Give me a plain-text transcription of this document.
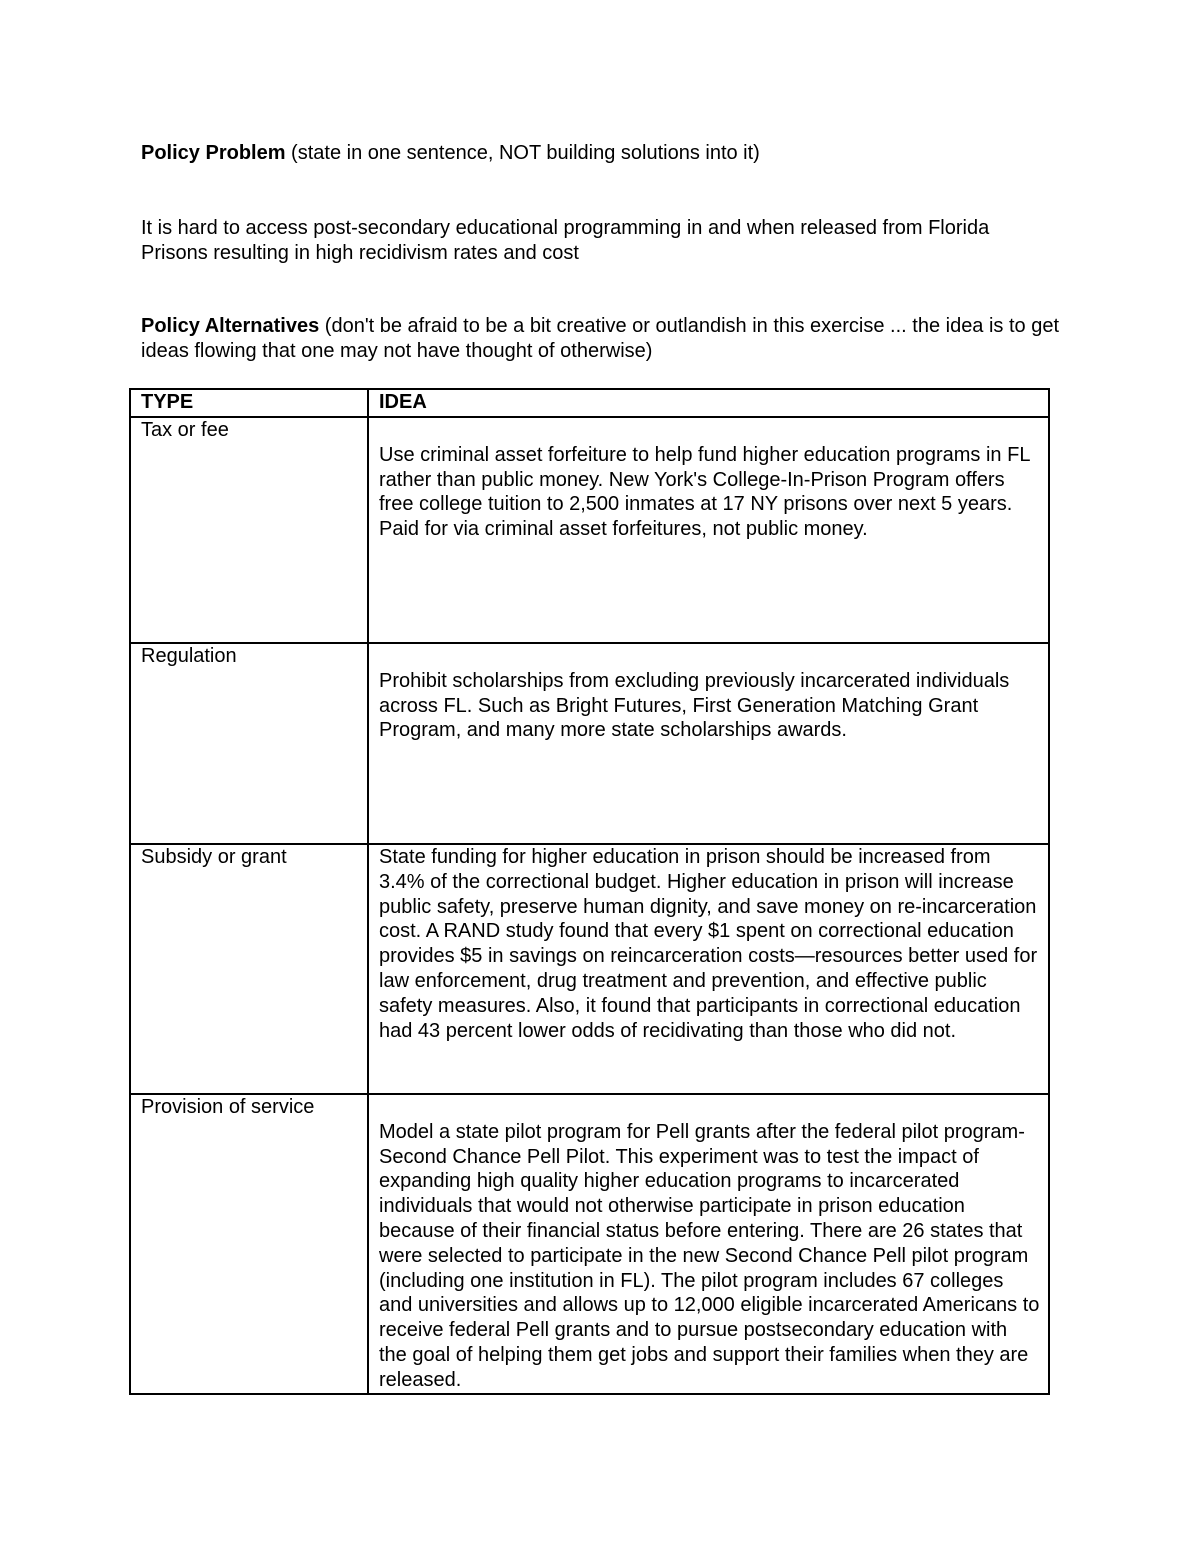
Policy Problem (state in one sentence, NOT building solutions into it)
It is hard to access post-secondary educational programming in and when released from Florida Prisons resulting in high recidivism rates and cost
Policy Alternatives (don't be afraid to be a bit creative or outlandish in this exercise ... the idea is to get ideas flowing that one may not have thought of otherwise)
TYPE	IDEA
Tax or fee	Use criminal asset forfeiture to help fund higher education programs in FL rather than public money. New York's College-In-Prison Program offers free college tuition to 2,500 inmates at 17 NY prisons over next 5 years. Paid for via criminal asset forfeitures, not public money.
Regulation	Prohibit scholarships from excluding previously incarcerated individuals across FL. Such as Bright Futures, First Generation Matching Grant Program, and many more state scholarships awards.
Subsidy or grant	State funding for higher education in prison should be increased from 3.4% of the correctional budget. Higher education in prison will increase public safety, preserve human dignity, and save money on re-incarceration cost. A RAND study found that every $1 spent on correctional education provides $5 in savings on reincarceration costs—resources better used for law enforcement, drug treatment and prevention, and effective public safety measures. Also, it found that participants in correctional education had 43 percent lower odds of recidivating than those who did not.
Provision of service	Model a state pilot program for Pell grants after the federal pilot program- Second Chance Pell Pilot. This experiment was to test the impact of expanding high quality higher education programs to incarcerated individuals that would not otherwise participate in prison education because of their financial status before entering. There are 26 states that were selected to participate in the new Second Chance Pell pilot program (including one institution in FL). The pilot program includes 67 colleges and universities and allows up to 12,000 eligible incarcerated Americans to receive federal Pell grants and to pursue postsecondary education with the goal of helping them get jobs and support their families when they are released.
